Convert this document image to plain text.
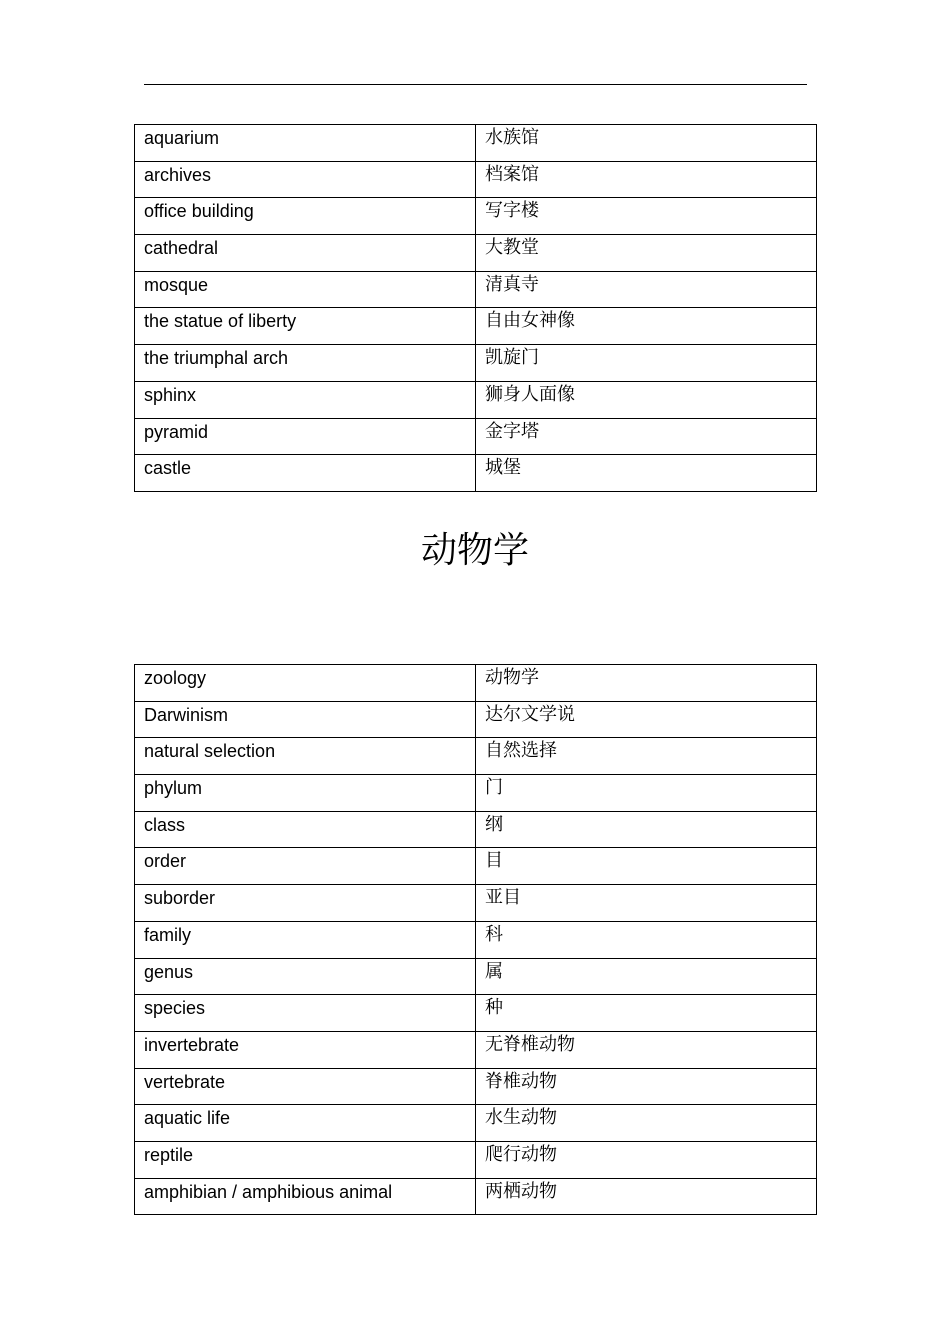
aquarium	水族馆
archives	档案馆
office building	写字楼
cathedral	大教堂
mosque	清真寺
the statue of liberty	自由女神像
the triumphal arch	凯旋门
sphinx	狮身人面像
pyramid	金字塔
castle	城堡
动物学
zoology	动物学
Darwinism	达尔文学说
natural selection	自然选择
phylum	门
class	纲
order	目
suborder	亚目
family	科
genus	属
species	种
invertebrate	无脊椎动物
vertebrate	脊椎动物
aquatic life	水生动物
reptile	爬行动物
amphibian / amphibious animal	两栖动物
